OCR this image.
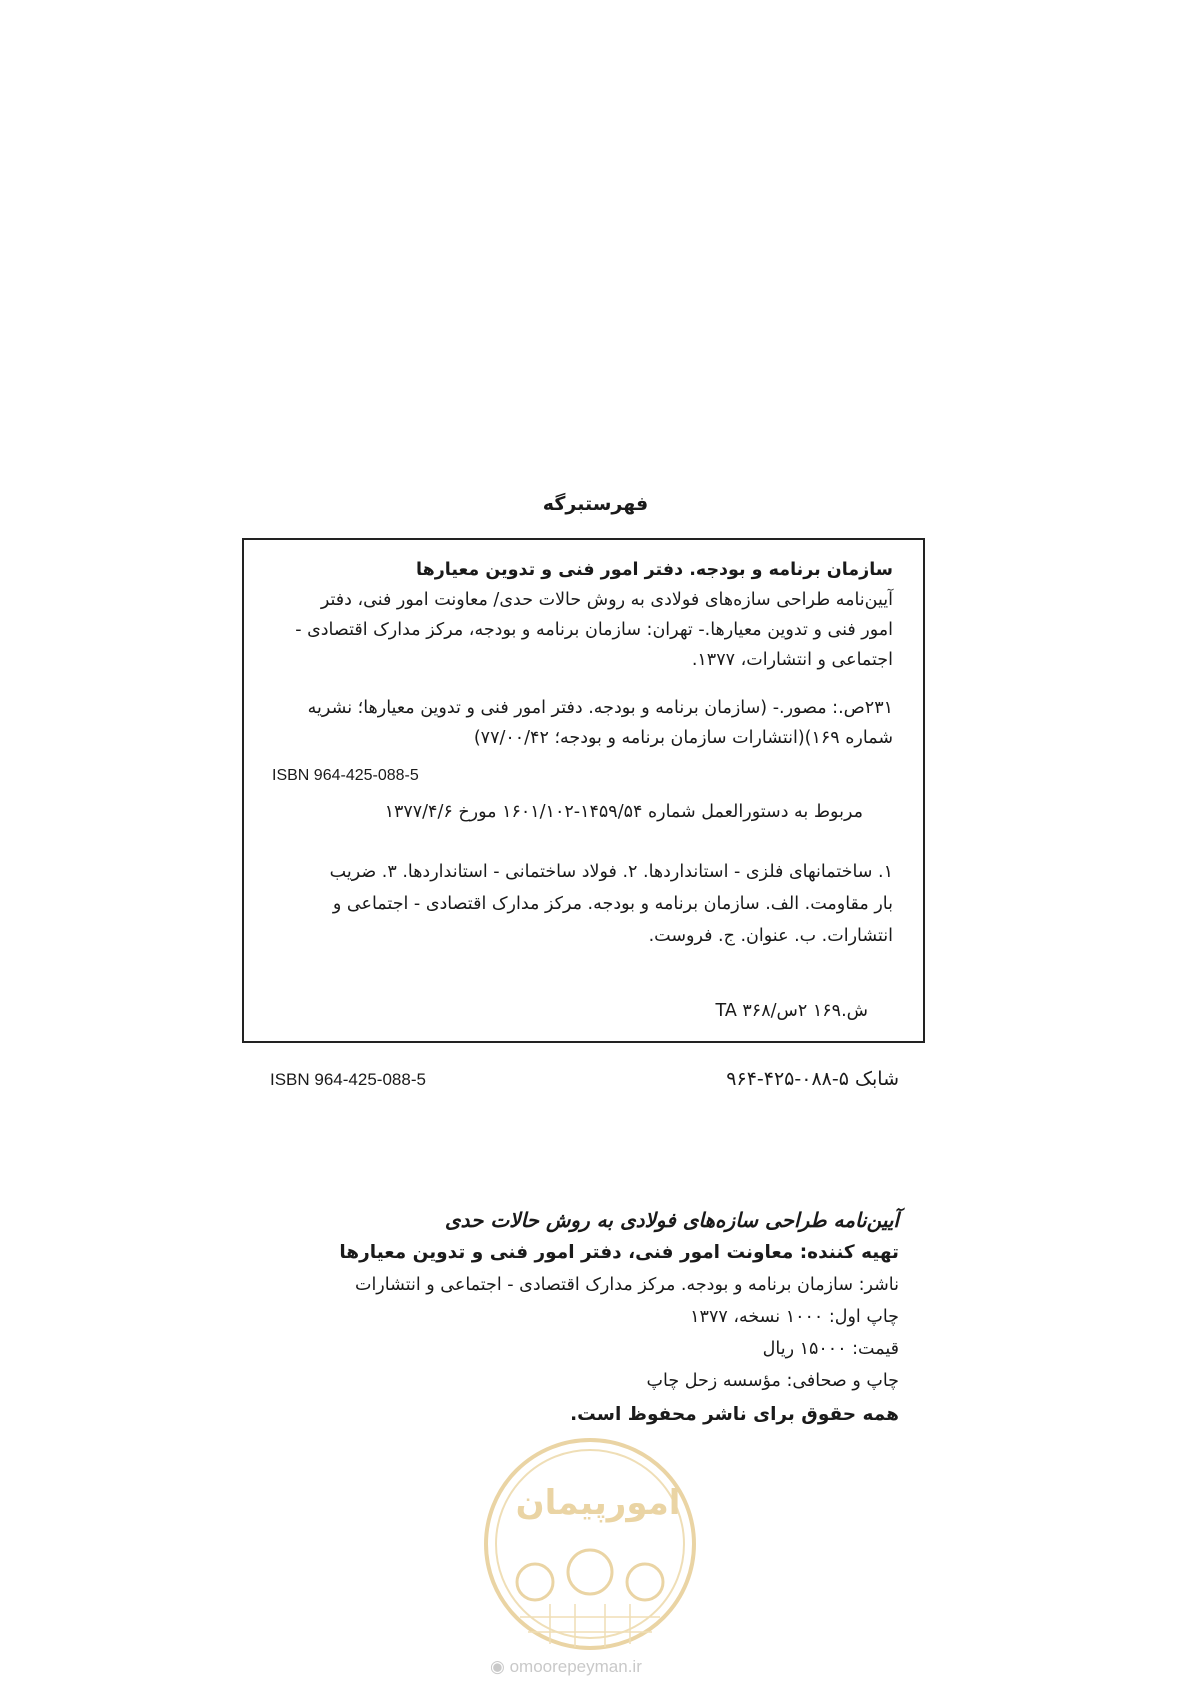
فهرستبرگه
سازمان برنامه و بودجه. دفتر امور فنی و تدوین معیارها
آیین‌نامه طراحی سازه‌های فولادی به روش حالات حدی/ معاونت امور فنی، دفتر
امور فنی و تدوین معیارها.- تهران: سازمان برنامه و بودجه، مرکز مدارک اقتصادی -
اجتماعی و انتشارات، ۱۳۷۷.
۲۳۱ص.: مصور.- (سازمان برنامه و بودجه. دفتر امور فنی و تدوین معیارها؛ نشریه
شماره ۱۶۹)(انتشارات سازمان برنامه و بودجه؛ ۷۷/۰۰/۴۲)
ISBN 964-425-088-5
مربوط به دستورالعمل شماره ۱۴۵۹/۵۴-۱۶۰۱/۱۰۲ مورخ ۱۳۷۷/۴/۶
۱. ساختمانهای فلزی - استانداردها. ۲. فولاد ساختمانی - استانداردها. ۳. ضریب
بار مقاومت. الف. سازمان برنامه و بودجه. مرکز مدارک اقتصادی - اجتماعی و
انتشارات. ب. عنوان. ج. فروست.
ش.۱۶۹ ۲س/۳۶۸ TA
ISBN 964-425-088-5	شابک ۵-۰۸۸-۴۲۵-۹۶۴
آیین‌نامه طراحی سازه‌های فولادی به روش حالات حدی
تهیه کننده: معاونت امور فنی، دفتر امور فنی و تدوین معیارها
ناشر: سازمان برنامه و بودجه. مرکز مدارک اقتصادی - اجتماعی و انتشارات
چاپ اول: ۱۰۰۰ نسخه، ۱۳۷۷
قیمت: ۱۵۰۰۰ ریال
چاپ و صحافی: مؤسسه زحل چاپ
همه حقوق برای ناشر محفوظ است.
امورپیمان
◉ omoorepeyman.ir
